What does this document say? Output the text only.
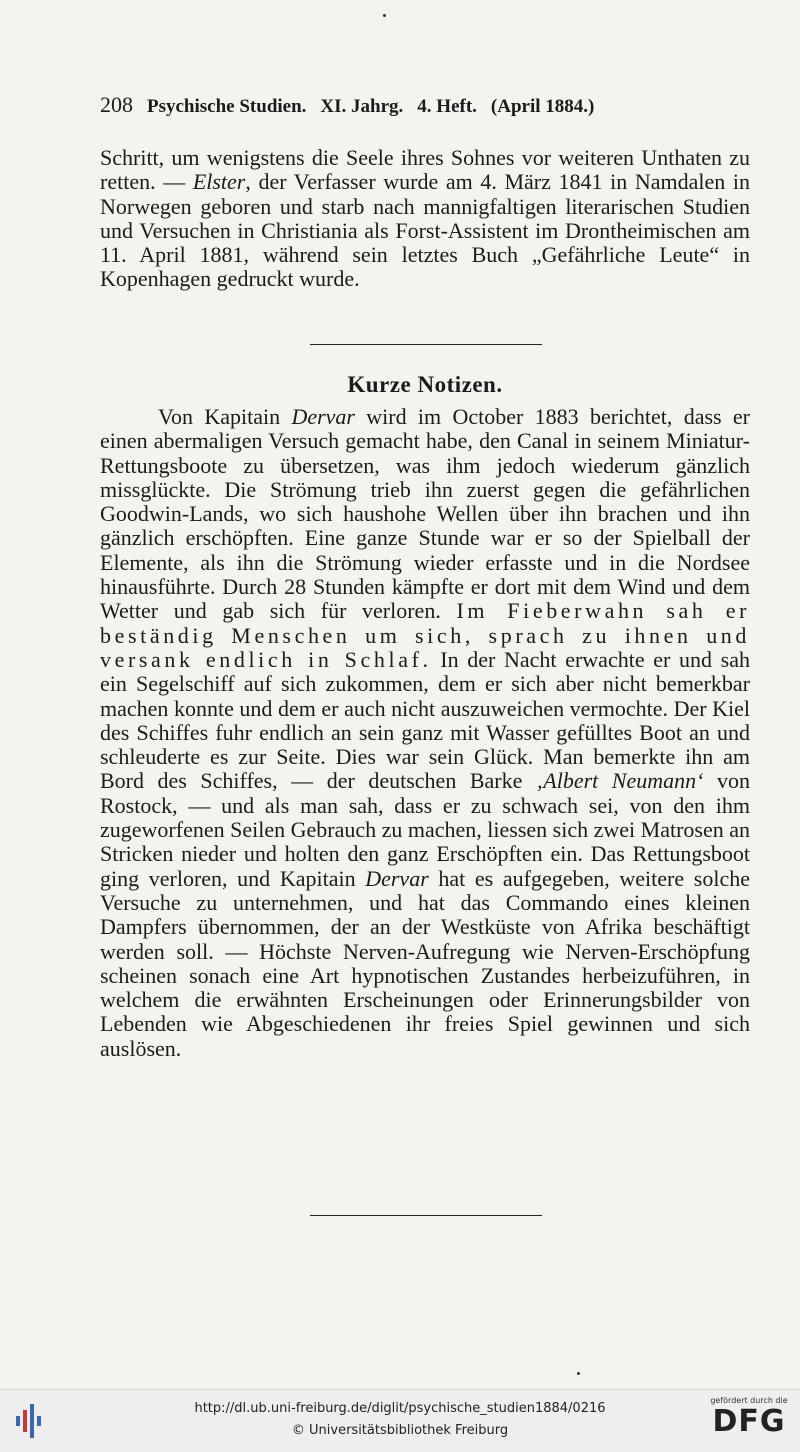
208 Psychische Studien. XI. Jahrg. 4. Heft. (April 1884.)

Schritt, um wenigstens die Seele ihres Sohnes vor weiteren Unthaten zu retten. — Elster, der Verfasser wurde am 4. März 1841 in Namdalen in Norwegen geboren und starb nach mannigfaltigen literarischen Studien und Versuchen in Christiania als Forst-Assistent im Drontheimischen am 11. April 1881, während sein letztes Buch „Gefährliche Leute“ in Kopenhagen gedruckt wurde.

Kurze Notizen.

Von Kapitain Dervar wird im October 1883 berichtet, dass er einen abermaligen Versuch gemacht habe, den Canal in seinem Miniatur-Rettungsboote zu übersetzen, was ihm jedoch wiederum gänzlich missglückte. Die Strömung trieb ihn zuerst gegen die gefährlichen Goodwin-Lands, wo sich haushohe Wellen über ihn brachen und ihn gänzlich erschöpften. Eine ganze Stunde war er so der Spielball der Elemente, als ihn die Strömung wieder erfasste und in die Nordsee hinausführte. Durch 28 Stunden kämpfte er dort mit dem Wind und dem Wetter und gab sich für verloren. Im Fieberwahn sah er beständig Menschen um sich, sprach zu ihnen und versank endlich in Schlaf. In der Nacht erwachte er und sah ein Segelschiff auf sich zukommen, dem er sich aber nicht bemerkbar machen konnte und dem er auch nicht auszuweichen vermochte. Der Kiel des Schiffes fuhr endlich an sein ganz mit Wasser gefülltes Boot an und schleuderte es zur Seite. Dies war sein Glück. Man bemerkte ihn am Bord des Schiffes, — der deutschen Barke ‚Albert Neumann‘ von Rostock, — und als man sah, dass er zu schwach sei, von den ihm zugeworfenen Seilen Gebrauch zu machen, liessen sich zwei Matrosen an Stricken nieder und holten den ganz Erschöpften ein. Das Rettungsboot ging verloren, und Kapitain Dervar hat es aufgegeben, weitere solche Versuche zu unternehmen, und hat das Commando eines kleinen Dampfers übernommen, der an der Westküste von Afrika beschäftigt werden soll. — Höchste Nerven-Aufregung wie Nerven-Erschöpfung scheinen sonach eine Art hypnotischen Zustandes herbeizuführen, in welchem die erwähnten Erscheinungen oder Erinnerungsbilder von Lebenden wie Abgeschiedenen ihr freies Spiel gewinnen und sich auslösen.

http://dl.ub.uni-freiburg.de/diglit/psychische_studien1884/0216
© Universitätsbibliothek Freiburg
gefördert durch die
DFG
